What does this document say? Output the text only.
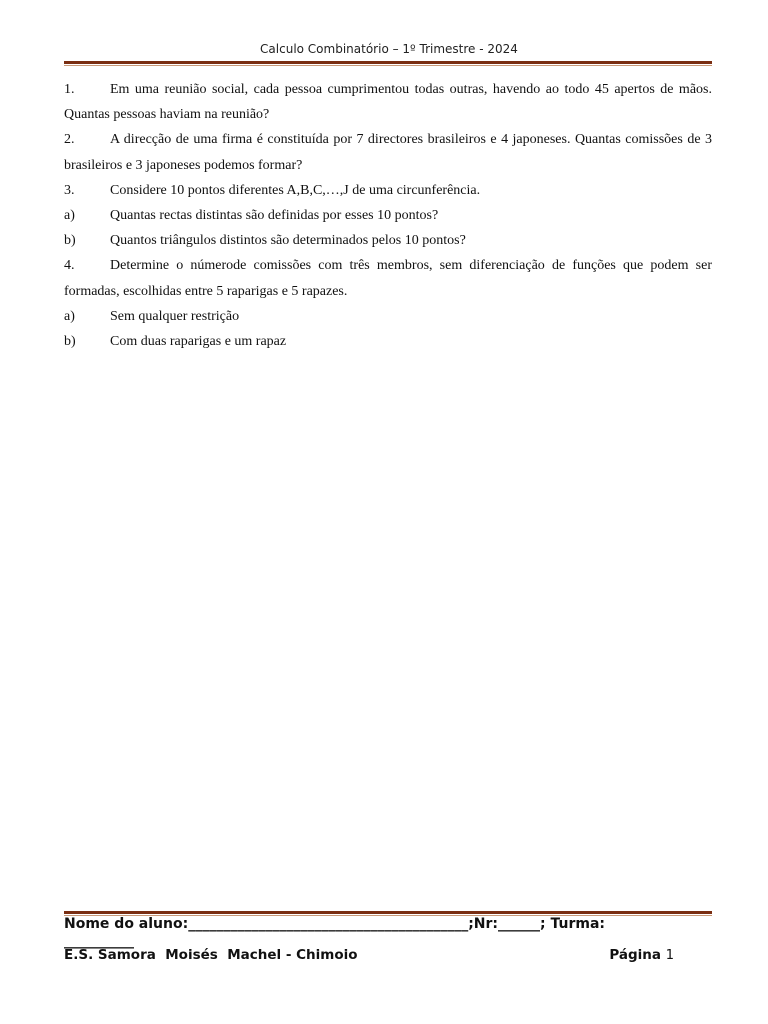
Calculo Combinatório – 1º Trimestre - 2024
1.	Em uma reunião social, cada pessoa cumprimentou todas outras, havendo ao todo 45 apertos de mãos. Quantas pessoas haviam na reunião?
2.	A direcção de uma firma é constituída por 7 directores brasileiros e 4 japoneses. Quantas comissões de 3 brasileiros e 3 japoneses podemos formar?
3.	Considere 10 pontos diferentes A,B,C,…,J de uma circunferência.
a)	Quantas rectas distintas são definidas por esses 10 pontos?
b)	Quantos triângulos distintos são determinados pelos 10 pontos?
4.	Determine o númerode comissões com três membros, sem diferenciação de funções que podem ser formadas, escolhidas entre 5 raparigas e 5 rapazes.
a)	Sem qualquer restrição
b)	Com duas raparigas e um rapaz
Nome do aluno:________________________________________;Nr:______; Turma:
__________
E.S. Samora  Moisés  Machel - Chimoio	Página 1
